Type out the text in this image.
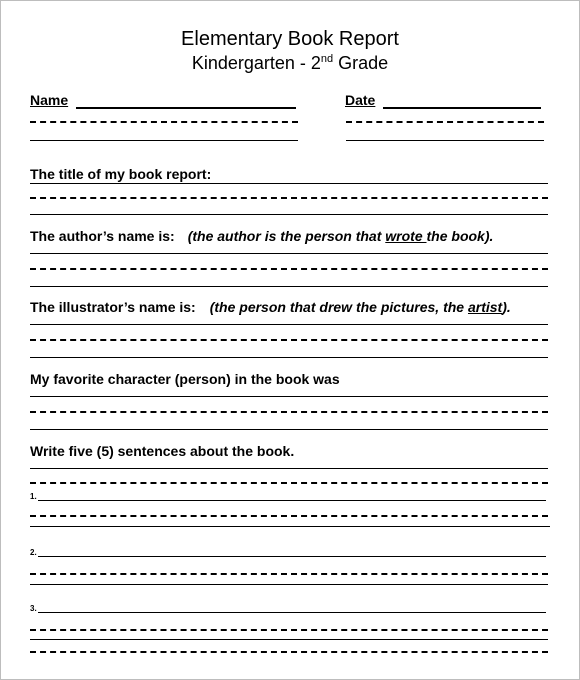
Elementary Book Report
Kindergarten - 2nd Grade
Name	Date
The title of my book report:
The author’s name is: (the author is the person that wrote the book).
The illustrator’s name is: (the person that drew the pictures, the artist).
My favorite character (person) in the book was
Write five (5) sentences about the book.
1.
2.
3.
